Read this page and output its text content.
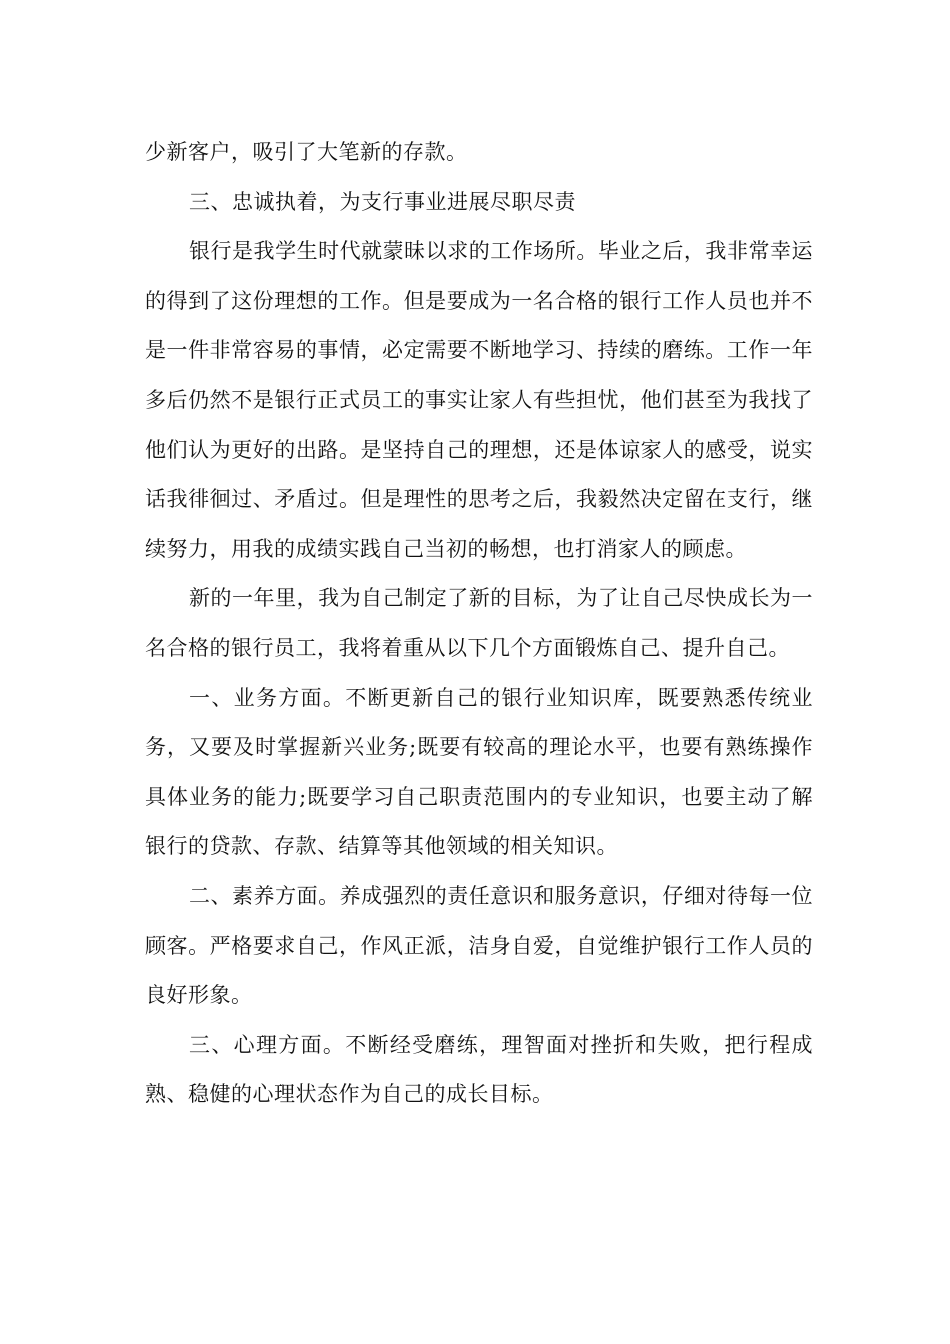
少新客户，吸引了大笔新的存款。

三、忠诚执着，为支行事业进展尽职尽责

银行是我学生时代就蒙昧以求的工作场所。毕业之后，我非常幸运的得到了这份理想的工作。但是要成为一名合格的银行工作人员也并不是一件非常容易的事情，必定需要不断地学习、持续的磨练。工作一年多后仍然不是银行正式员工的事实让家人有些担忧，他们甚至为我找了他们认为更好的出路。是坚持自己的理想，还是体谅家人的感受，说实话我徘徊过、矛盾过。但是理性的思考之后，我毅然决定留在支行，继续努力，用我的成绩实践自己当初的畅想，也打消家人的顾虑。

新的一年里，我为自己制定了新的目标，为了让自己尽快成长为一名合格的银行员工，我将着重从以下几个方面锻炼自己、提升自己。

一、业务方面。不断更新自己的银行业知识库，既要熟悉传统业务，又要及时掌握新兴业务;既要有较高的理论水平，也要有熟练操作具体业务的能力;既要学习自己职责范围内的专业知识，也要主动了解银行的贷款、存款、结算等其他领域的相关知识。

二、素养方面。养成强烈的责任意识和服务意识，仔细对待每一位顾客。严格要求自己，作风正派，洁身自爱，自觉维护银行工作人员的良好形象。

三、心理方面。不断经受磨练，理智面对挫折和失败，把行程成熟、稳健的心理状态作为自己的成长目标。
